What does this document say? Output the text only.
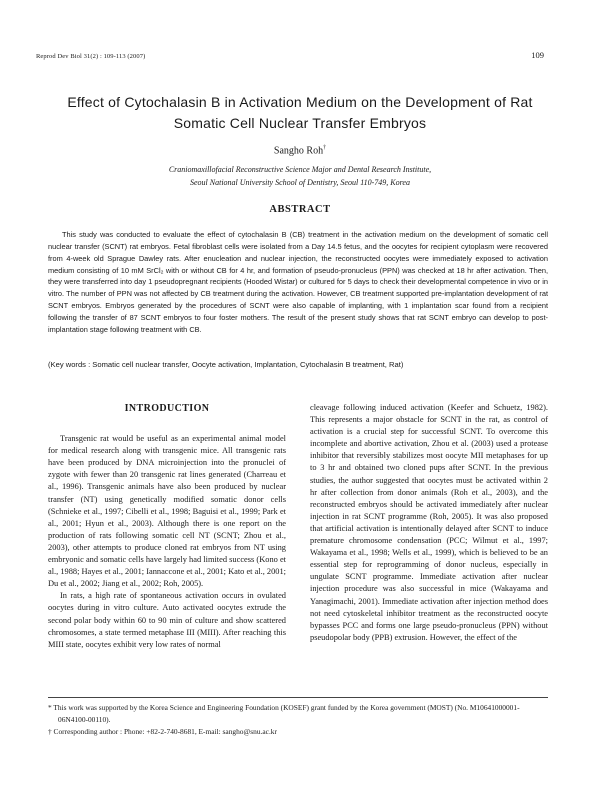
Reprod Dev Biol 31(2) : 109-113 (2007)	109
Effect of Cytochalasin B in Activation Medium on the Development of Rat Somatic Cell Nuclear Transfer Embryos
Sangho Roh†
Craniomaxillofacial Reconstructive Science Major and Dental Research Institute,
Seoul National University School of Dentistry, Seoul 110-749, Korea
ABSTRACT
This study was conducted to evaluate the effect of cytochalasin B (CB) treatment in the activation medium on the development of somatic cell nuclear transfer (SCNT) rat embryos. Fetal fibroblast cells were isolated from a Day 14.5 fetus, and the oocytes for recipient cytoplasm were recovered from 4-week old Sprague Dawley rats. After enucleation and nuclear injection, the reconstructed oocytes were immediately exposed to activation medium consisting of 10 mM SrCl₂ with or without CB for 4 hr, and formation of pseudo-pronucleus (PPN) was checked at 18 hr after activation. Then, they were transferred into day 1 pseudopregnant recipients (Hooded Wistar) or cultured for 5 days to check their developmental competence in vivo or in vitro. The number of PPN was not affected by CB treatment during the activation. However, CB treatment supported pre-implantation development of rat SCNT embryos. Embryos generated by the procedures of SCNT were also capable of implanting, with 1 implantation scar found from a recipient following the transfer of 87 SCNT embryos to four foster mothers. The result of the present study shows that rat SCNT embryo can develop to post-implantation stage following treatment with CB.
(Key words : Somatic cell nuclear transfer, Oocyte activation, Implantation, Cytochalasin B treatment, Rat)
INTRODUCTION

Transgenic rat would be useful as an experimental animal model for medical research along with transgenic mice. All transgenic rats have been produced by DNA microinjection into the pronuclei of zygote with fewer than 20 transgenic rat lines generated (Charreau et al., 1996). Transgenic animals have also been produced by nuclear transfer (NT) using genetically modified somatic donor cells (Schnieke et al., 1997; Cibelli et al., 1998; Baguisi et al., 1999; Park et al., 2001; Hyun et al., 2003). Although there is one report on the production of rats following somatic cell NT (SCNT; Zhou et al., 2003), other attempts to produce cloned rat embryos from NT using embryonic and somatic cells have largely had limited success (Kono et al., 1988; Hayes et al., 2001; Iannaccone et al., 2001; Kato et al., 2001; Du et al., 2002; Jiang et al., 2002; Roh, 2005).

In rats, a high rate of spontaneous activation occurs in ovulated oocytes during in vitro culture. Auto activated oocytes extrude the second polar body within 60 to 90 min of culture and show scattered chromosomes, a state termed metaphase III (MIII). After reaching this MIII state, oocytes exhibit very low rates of normal

cleavage following induced activation (Keefer and Schuetz, 1982). This represents a major obstacle for SCNT in the rat, as control of activation is a crucial step for successful SCNT. To overcome this incomplete and abortive activation, Zhou et al. (2003) used a protease inhibitor that reversibly stabilizes most oocyte MII metaphases for up to 3 hr and obtained two cloned pups after SCNT. In the previous studies, the author suggested that oocytes must be activated within 2 hr after collection from donor animals (Roh et al., 2003), and the reconstructed embryos should be activated immediately after nuclear injection in rat SCNT programme (Roh, 2005). It was also proposed that artificial activation is intentionally delayed after SCNT to induce premature chromosome condensation (PCC; Wilmut et al., 1997; Wakayama et al., 1998; Wells et al., 1999), which is believed to be an essential step for reprogramming of donor nucleus, especially in ungulate SCNT programme. Immediate activation after nuclear injection procedure was also successful in mice (Wakayama and Yanagimachi, 2001). Immediate activation after injection method does not need cytoskeletal inhibitor treatment as the reconstructed oocyte bypasses PCC and forms one large pseudo-pronucleus (PPN) without pseudopolar body (PPB) extrusion. However, the effect of the

* This work was supported by the Korea Science and Engineering Foundation (KOSEF) grant funded by the Korea government (MOST) (No. M10641000001-06N4100-00110).
† Corresponding author : Phone: +82-2-740-8681, E-mail: sangho@snu.ac.kr
